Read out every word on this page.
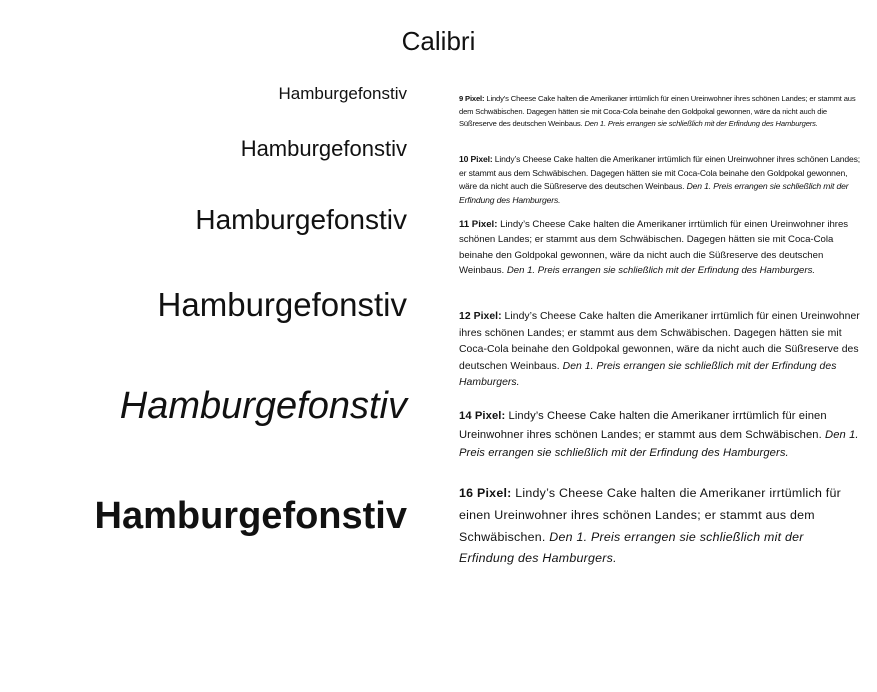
Calibri
Hamburgefonstiv
Hamburgefonstiv
Hamburgefonstiv
Hamburgefonstiv
Hamburgefonstiv
Hamburgefonstiv
9 Pixel: Lindy’s Cheese Cake halten die Amerikaner irrtümlich für einen Ureinwohner ihres schönen Landes; er stammt aus dem Schwäbischen. Dagegen hätten sie mit Coca-Cola beinahe den Goldpokal gewonnen, wäre da nicht auch die Süßreserve des deutschen Weinbaus. Den 1. Preis errangen sie schließlich mit der Erfindung des Hamburgers.
10 Pixel: Lindy’s Cheese Cake halten die Amerikaner irrtümlich für einen Ureinwohner ihres schönen Landes; er stammt aus dem Schwäbischen. Dagegen hätten sie mit Coca-Cola beinahe den Goldpokal gewonnen, wäre da nicht auch die Süßreserve des deutschen Weinbaus. Den 1. Preis errangen sie schließlich mit der Erfindung des Hamburgers.
11 Pixel: Lindy’s Cheese Cake halten die Amerikaner irrtümlich für einen Ureinwohner ihres schönen Landes; er stammt aus dem Schwäbischen. Dagegen hätten sie mit Coca-Cola beinahe den Goldpokal gewonnen, wäre da nicht auch die Süßreserve des deutschen Weinbaus. Den 1. Preis errangen sie schließlich mit der Erfindung des Hamburgers.
12 Pixel: Lindy’s Cheese Cake halten die Amerikaner irrtümlich für einen Ureinwohner ihres schönen Landes; er stammt aus dem Schwäbischen. Dagegen hätten sie mit Coca-Cola beinahe den Goldpokal gewonnen, wäre da nicht auch die Süßreserve des deutschen Weinbaus. Den 1. Preis errangen sie schließlich mit der Erfindung des Hamburgers.
14 Pixel: Lindy’s Cheese Cake halten die Amerikaner irrtümlich für einen Ureinwohner ihres schönen Landes; er stammt aus dem Schwäbischen. Den 1. Preis errangen sie schließlich mit der Erfindung des Hamburgers.
16 Pixel: Lindy’s Cheese Cake halten die Amerikaner irrtümlich für einen Ureinwohner ihres schönen Landes; er stammt aus dem Schwäbischen. Den 1. Preis errangen sie schließlich mit der Erfindung des Hamburgers.
